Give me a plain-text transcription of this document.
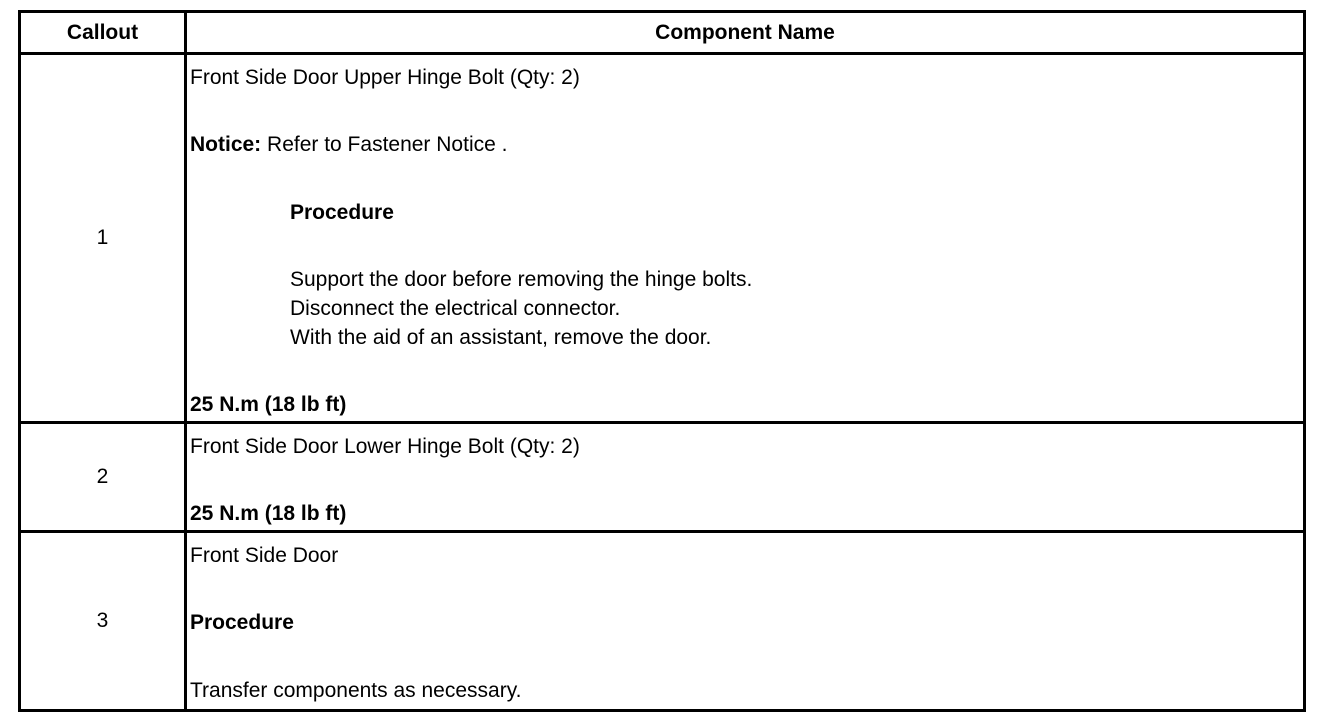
Callout	Component Name
1
Front Side Door Upper Hinge Bolt (Qty: 2)
Notice: Refer to Fastener Notice .
Procedure
Support the door before removing the hinge bolts.
Disconnect the electrical connector.
With the aid of an assistant, remove the door.
25 N.m (18 lb ft)
2
Front Side Door Lower Hinge Bolt (Qty: 2)
25 N.m (18 lb ft)
3
Front Side Door
Procedure
Transfer components as necessary.
